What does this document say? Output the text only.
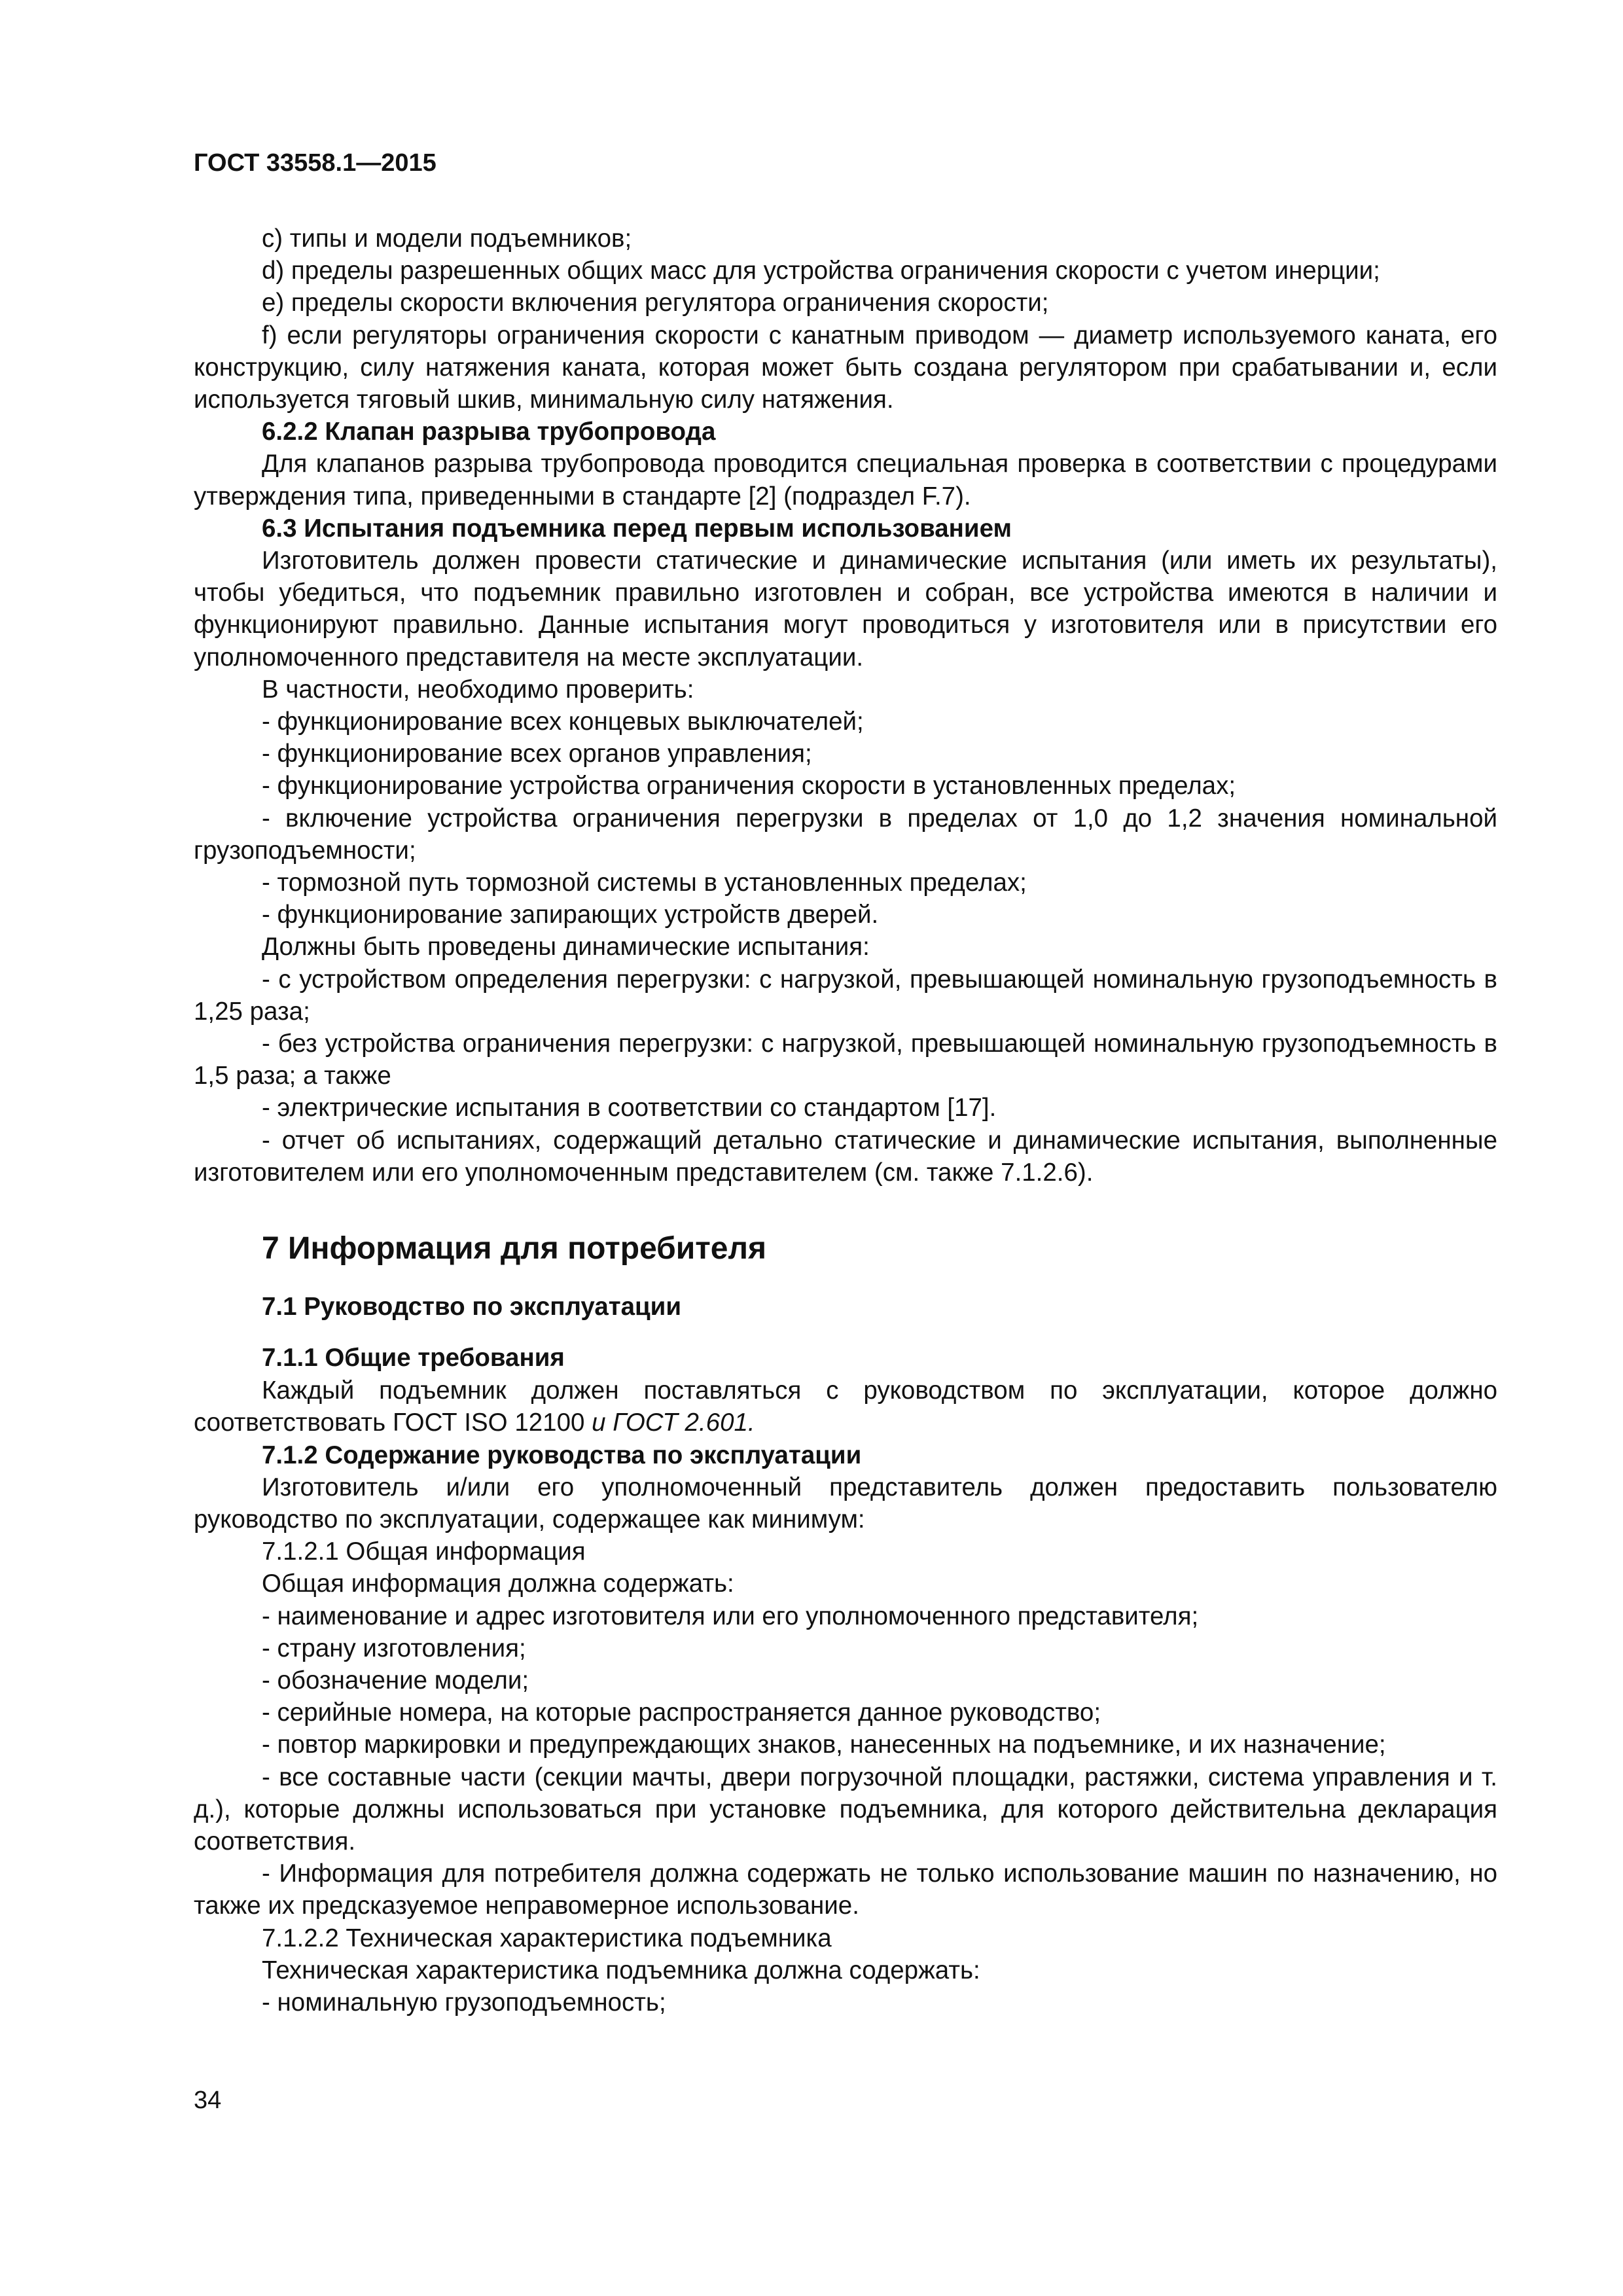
ГОСТ 33558.1—2015

c) типы и модели подъемников;

d) пределы разрешенных общих масс для устройства ограничения скорости с учетом инерции;

e) пределы скорости включения регулятора ограничения скорости;

f) если регуляторы ограничения скорости с канатным приводом — диаметр используемого каната, его конструкцию, силу натяжения каната, которая может быть создана регулятором при срабатывании и, если используется тяговый шкив, минимальную силу натяжения.

6.2.2 Клапан разрыва трубопровода

Для клапанов разрыва трубопровода проводится специальная проверка в соответствии с процедурами утверждения типа, приведенными в стандарте [2] (подраздел F.7).

6.3 Испытания подъемника перед первым использованием

Изготовитель должен провести статические и динамические испытания (или иметь их результаты), чтобы убедиться, что подъемник правильно изготовлен и собран, все устройства имеются в наличии и функционируют правильно. Данные испытания могут проводиться у изготовителя или в присутствии его уполномоченного представителя на месте эксплуатации.

В частности, необходимо проверить:

- функционирование всех концевых выключателей;

- функционирование всех органов управления;

- функционирование устройства ограничения скорости в установленных пределах;

- включение устройства ограничения перегрузки в пределах от 1,0 до 1,2 значения номинальной грузоподъемности;

- тормозной путь тормозной системы в установленных пределах;

- функционирование запирающих устройств дверей.

Должны быть проведены динамические испытания:

- с устройством определения перегрузки: с нагрузкой, превышающей номинальную грузоподъемность в 1,25 раза;

- без устройства ограничения перегрузки: с нагрузкой, превышающей номинальную грузоподъемность в 1,5 раза; а также

- электрические испытания в соответствии со стандартом [17].

- отчет об испытаниях, содержащий детально статические и динамические испытания, выполненные изготовителем или его уполномоченным представителем (см. также 7.1.2.6).

7 Информация для потребителя
7.1 Руководство по эксплуатации
7.1.1 Общие требования

Каждый подъемник должен поставляться с руководством по эксплуатации, которое должно соответствовать ГОСТ ISO 12100 и ГОСТ 2.601.

7.1.2 Содержание руководства по эксплуатации

Изготовитель и/или его уполномоченный представитель должен предоставить пользователю руководство по эксплуатации, содержащее как минимум:

7.1.2.1 Общая информация

Общая информация должна содержать:

- наименование и адрес изготовителя или его уполномоченного представителя;

- страну изготовления;

- обозначение модели;

- серийные номера, на которые распространяется данное руководство;

- повтор маркировки и предупреждающих знаков, нанесенных на подъемнике, и их назначение;

- все составные части (секции мачты, двери погрузочной площадки, растяжки, система управления и т. д.), которые должны использоваться при установке подъемника, для которого действительна декларация соответствия.

- Информация для потребителя должна содержать не только использование машин по назначению, но также их предсказуемое неправомерное использование.

7.1.2.2 Техническая характеристика подъемника

Техническая характеристика подъемника должна содержать:

- номинальную грузоподъемность;

34
